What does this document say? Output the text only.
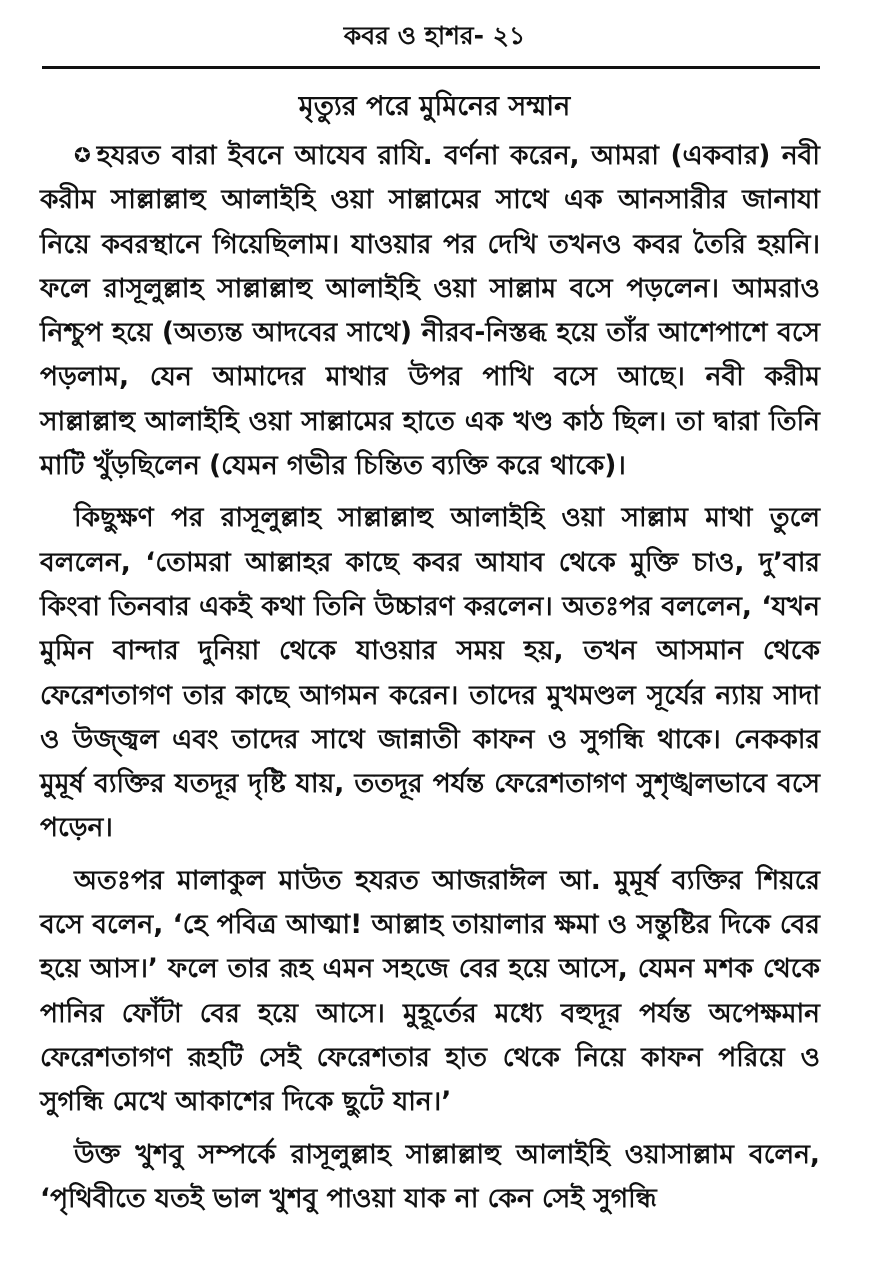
কবর ও হাশর- ২১
মৃত্যুর পরে মুমিনের সম্মান

✪ হযরত বারা ইবনে আযেব রাযি. বর্ণনা করেন, আমরা (একবার) নবী করীম সাল্লাল্লাহু আলাইহি ওয়া সাল্লামের সাথে এক আনসারীর জানাযা নিয়ে কবরস্থানে গিয়েছিলাম। যাওয়ার পর দেখি তখনও কবর তৈরি হয়নি। ফলে রাসূলুল্লাহ সাল্লাল্লাহু আলাইহি ওয়া সাল্লাম বসে পড়লেন। আমরাও নিশ্চুপ হয়ে (অত্যন্ত আদবের সাথে) নীরব-নিস্তব্ধ হয়ে তাঁর আশেপাশে বসে পড়লাম, যেন আমাদের মাথার উপর পাখি বসে আছে। নবী করীম সাল্লাল্লাহু আলাইহি ওয়া সাল্লামের হাতে এক খণ্ড কাঠ ছিল। তা দ্বারা তিনি মাটি খুঁড়ছিলেন (যেমন গভীর চিন্তিত ব্যক্তি করে থাকে)।

কিছুক্ষণ পর রাসূলুল্লাহ সাল্লাল্লাহু আলাইহি ওয়া সাল্লাম মাথা তুলে বললেন, ‘তোমরা আল্লাহর কাছে কবর আযাব থেকে মুক্তি চাও, দু’বার কিংবা তিনবার একই কথা তিনি উচ্চারণ করলেন। অতঃপর বললেন, ‘যখন মুমিন বান্দার দুনিয়া থেকে যাওয়ার সময় হয়, তখন আসমান থেকে ফেরেশতাগণ তার কাছে আগমন করেন। তাদের মুখমণ্ডল সূর্যের ন্যায় সাদা ও উজ্জ্বল এবং তাদের সাথে জান্নাতী কাফন ও সুগন্ধি থাকে। নেককার মুমূর্ষ ব্যক্তির যতদূর দৃষ্টি যায়, ততদূর পর্যন্ত ফেরেশতাগণ সুশৃঙ্খলভাবে বসে পড়েন।

অতঃপর মালাকুল মাউত হযরত আজরাঈল আ. মুমূর্ষ ব্যক্তির শিয়রে বসে বলেন, ‘হে পবিত্র আত্মা! আল্লাহ তায়ালার ক্ষমা ও সন্তুষ্টির দিকে বের হয়ে আস।’ ফলে তার রূহ এমন সহজে বের হয়ে আসে, যেমন মশক থেকে পানির ফোঁটা বের হয়ে আসে। মুহূর্তের মধ্যে বহুদূর পর্যন্ত অপেক্ষমান ফেরেশতাগণ রূহটি সেই ফেরেশতার হাত থেকে নিয়ে কাফন পরিয়ে ও সুগন্ধি মেখে আকাশের দিকে ছুটে যান।’

উক্ত খুশবু সম্পর্কে রাসূলুল্লাহ সাল্লাল্লাহু আলাইহি ওয়াসাল্লাম বলেন, ‘পৃথিবীতে যতই ভাল খুশবু পাওয়া যাক না কেন সেই সুগন্ধি
